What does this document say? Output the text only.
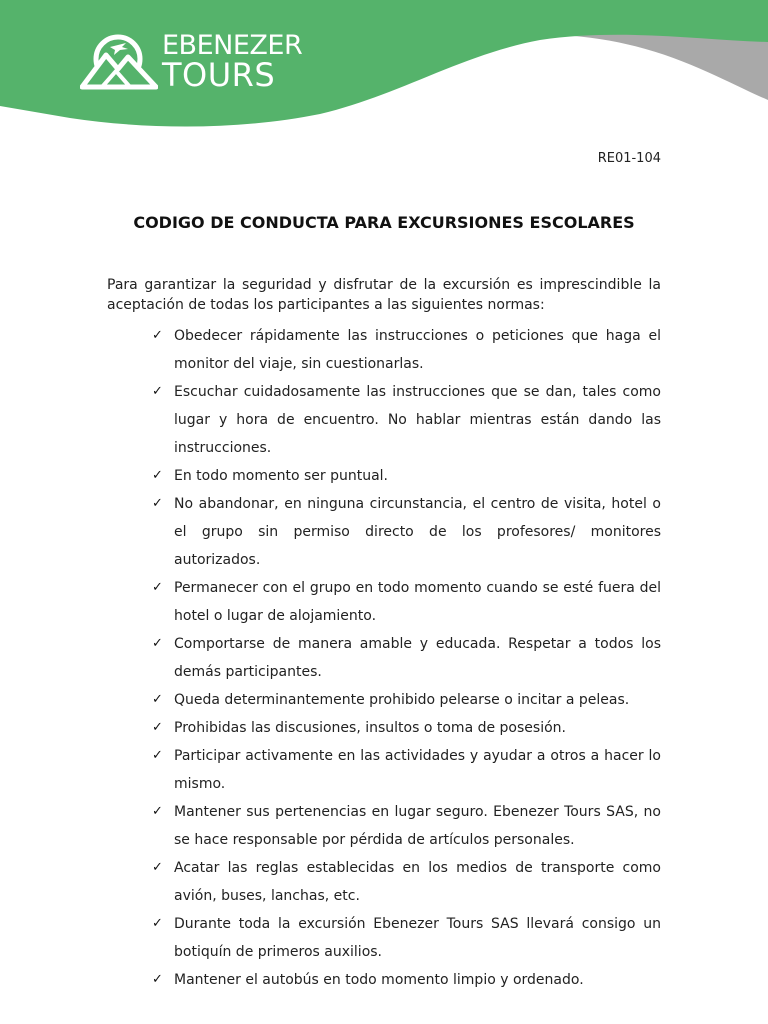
EBENEZER
TOURS
RE01-104
CODIGO DE CONDUCTA PARA EXCURSIONES ESCOLARES
Para garantizar la seguridad y disfrutar de la excursión es imprescindible la aceptación de todas los participantes a las siguientes normas:
✓ Obedecer rápidamente las instrucciones o peticiones que haga el monitor del viaje, sin cuestionarlas.
✓ Escuchar cuidadosamente las instrucciones que se dan, tales como lugar y hora de encuentro. No hablar mientras están dando las instrucciones.
✓ En todo momento ser puntual.
✓ No abandonar, en ninguna circunstancia, el centro de visita, hotel o el grupo sin permiso directo de los profesores/ monitores autorizados.
✓ Permanecer con el grupo en todo momento cuando se esté fuera del hotel o lugar de alojamiento.
✓ Comportarse de manera amable y educada. Respetar a todos los demás participantes.
✓ Queda determinantemente prohibido pelearse o incitar a peleas.
✓ Prohibidas las discusiones, insultos o toma de posesión.
✓ Participar activamente en las actividades y ayudar a otros a hacer lo mismo.
✓ Mantener sus pertenencias en lugar seguro. Ebenezer Tours SAS, no se hace responsable por pérdida de artículos personales.
✓ Acatar las reglas establecidas en los medios de transporte como avión, buses, lanchas, etc.
✓ Durante toda la excursión Ebenezer Tours SAS llevará consigo un botiquín de primeros auxilios.
✓ Mantener el autobús en todo momento limpio y ordenado.
